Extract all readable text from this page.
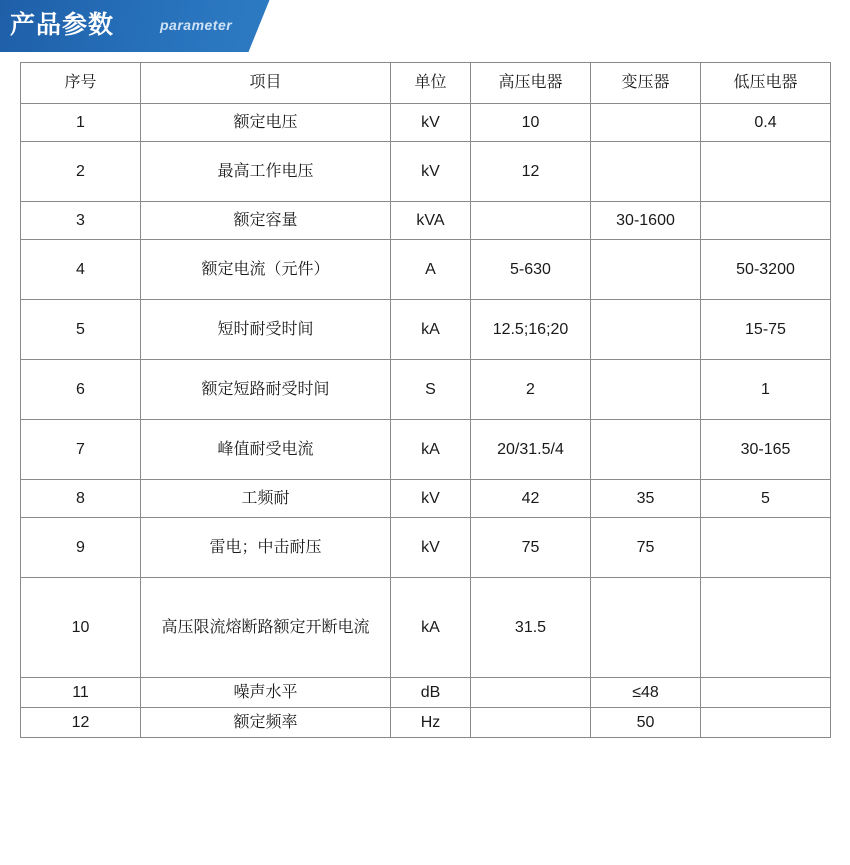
产品参数	parameter
序号	项目	单位	高压电器	变压器	低压电器
1	额定电压	kV	10		0.4
2	最高工作电压	kV	12		
3	额定容量	kVA		30-1600	
4	额定电流（元件）	A	5-630		50-3200
5	短时耐受时间	kA	12.5;16;20		15-75
6	额定短路耐受时间	S	2		1
7	峰值耐受电流	kA	20/31.5/4		30-165
8	工频耐	kV	42	35	5
9	雷电；中击耐压	kV	75	75	
10	高压限流熔断路额定开断电流	kA	31.5		
11	噪声水平	dB		≤48	
12	额定频率	Hz		50	
